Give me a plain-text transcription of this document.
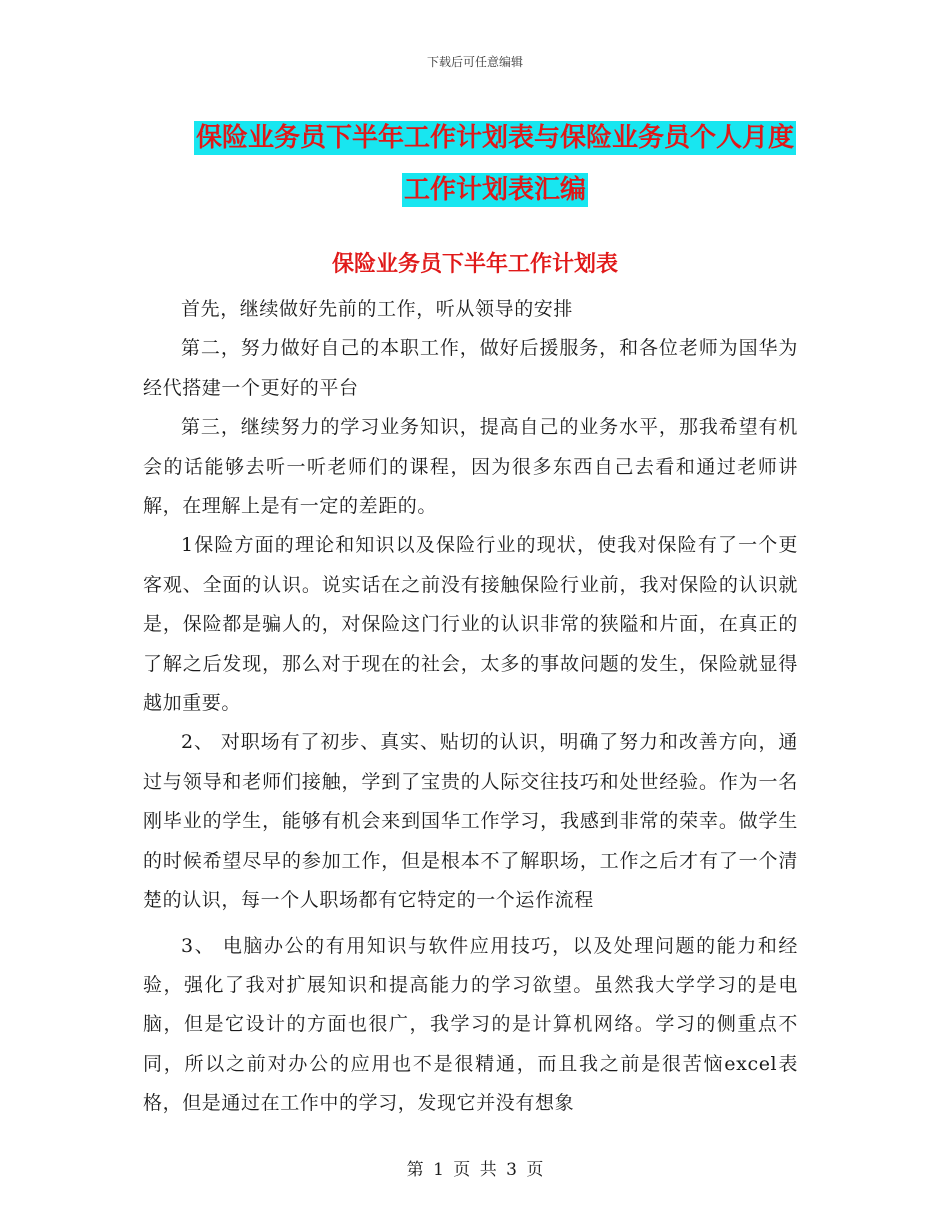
下载后可任意编辑
保险业务员下半年工作计划表与保险业务员个人月度
工作计划表汇编
保险业务员下半年工作计划表

首先，继续做好先前的工作，听从领导的安排

第二，努力做好自己的本职工作，做好后援服务，和各位老师为国华为经代搭建一个更好的平台

第三，继续努力的学习业务知识，提高自己的业务水平，那我希望有机会的话能够去听一听老师们的课程，因为很多东西自己去看和通过老师讲解，在理解上是有一定的差距的。

1保险方面的理论和知识以及保险行业的现状，使我对保险有了一个更客观、全面的认识。说实话在之前没有接触保险行业前，我对保险的认识就是，保险都是骗人的，对保险这门行业的认识非常的狭隘和片面，在真正的了解之后发现，那么对于现在的社会，太多的事故问题的发生，保险就显得越加重要。

2、 对职场有了初步、真实、贴切的认识，明确了努力和改善方向，通过与领导和老师们接触，学到了宝贵的人际交往技巧和处世经验。作为一名刚毕业的学生，能够有机会来到国华工作学习，我感到非常的荣幸。做学生的时候希望尽早的参加工作，但是根本不了解职场，工作之后才有了一个清楚的认识，每一个人职场都有它特定的一个运作流程

3、 电脑办公的有用知识与软件应用技巧，以及处理问题的能力和经验，强化了我对扩展知识和提高能力的学习欲望。虽然我大学学习的是电脑，但是它设计的方面也很广，我学习的是计算机网络。学习的侧重点不同，所以之前对办公的应用也不是很精通，而且我之前是很苦恼excel表格，但是通过在工作中的学习，发现它并没有想象

第 1 页 共 3 页
